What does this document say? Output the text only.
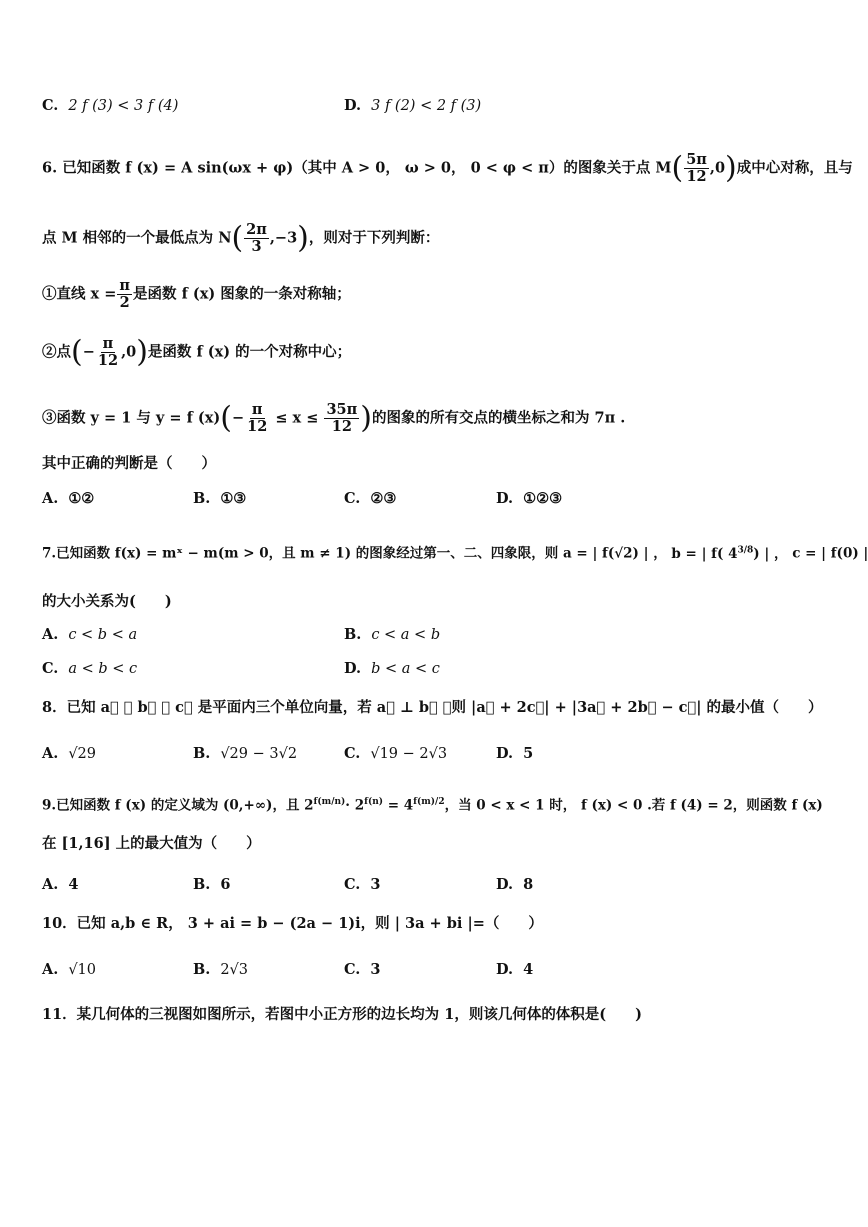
C. 2 f (3) < 3 f (4)	D. 3 f (2) < 2 f (3)
6. 已知函数 f (x) = A sin(ωx + φ)（其中 A > 0， ω > 0， 0 < φ < π）的图象关于点 $M( \frac{5\pi}{12} ,0)$成中心对称，且与
点 M 相邻的一个最低点为 $N( \frac{2\pi}{3} ,-3)$，则对于下列判断：
①直线 $x = \frac{\pi}{2}$ 是函数 f (x) 图象的一条对称轴；
②点(− $\frac{\pi}{12} ,0$)是函数 f (x) 的一个对称中心；
③函数 y = 1 与 y = f $(x)(- \frac{\pi}{12} \le x \le \frac{35\pi}{12}$ )的图象的所有交点的横坐标之和为 7π .
其中正确的判断是（　　）
A. ①②	B. ①③	C. ②③	D. ①②③
7.已知函数 f(x) = mˣ − m(m > 0，且 m ≠ 1) 的图象经过第一、二、四象限，则 a = | f(√2) | ， b = | f( $4^{3/8}$) | ， c = | f(0) |
的大小关系为(　　)
A. c < b < a	B. c < a < b
C. a < b < c	D. b < a < c
8．已知 a⃗ ， b⃗ ， c⃗ 是平面内三个单位向量，若 a⃗ ⊥ b⃗ ，则 |a⃗ + 2c⃗| + |3a⃗ + 2b⃗ − c⃗| 的最小值（　　）
A. √29	B. √29 − 3√2	C. √19 − 2√3	D. 5
9.已知函数 f (x) 的定义域为 (0,+∞)，且 $2^{f(m/n)}\cdot 2^{f(n)} = 4^{f(m)/2}$，当 0 < x < 1 时， f (x) < 0 .若 f (4) = 2，则函数 f (x)
在 [1,16] 上的最大值为（　　）
A. 4	B. 6	C. 3	D. 8
10．已知 a,b ∈ R， 3 + ai = b − (2a − 1)i，则 | 3a + bi |=（　　）
A. √10	B. 2√3	C. 3	D. 4
11．某几何体的三视图如图所示，若图中小正方形的边长均为 1，则该几何体的体积是(　　)
